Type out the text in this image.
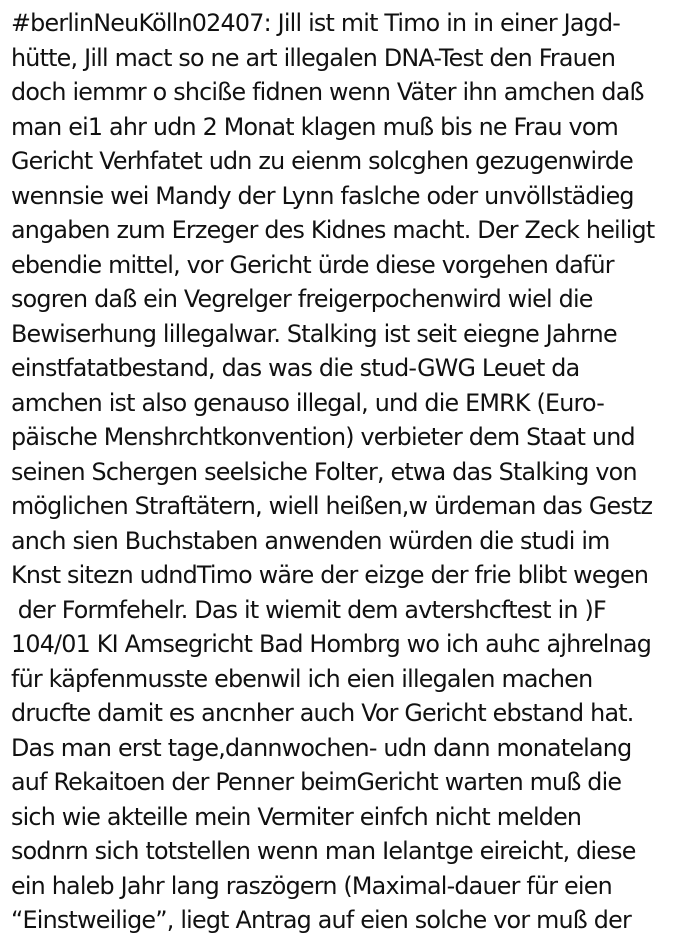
#berlinNeuKölln02407: Jill ist mit Timo in in einer Jagd-
hütte, Jill mact so ne art illegalen DNA-Test den Frauen
doch iemmr o shciße fidnen wenn Väter ihn amchen daß
man ei1 ahr udn 2 Monat klagen muß bis ne Frau vom
Gericht Verhfatet udn zu eienm solcghen gezugenwirde
wennsie wei Mandy der Lynn faslche oder unvöllstädieg
angaben zum Erzeger des Kidnes macht. Der Zeck heiligt
ebendie mittel, vor Gericht ürde diese vorgehen dafür
sogren daß ein Vegrelger freigerpochenwird wiel die
Bewiserhung lillegalwar. Stalking ist seit eiegne Jahrne
einstfatatbestand, das was die stud-GWG Leuet da
amchen ist also genauso illegal, und die EMRK (Euro-
päische Menshrchtkonvention) verbieter dem Staat und
seinen Schergen seelsiche Folter, etwa das Stalking von
möglichen Straftätern, wiell heißen,w ürdeman das Gestz
anch sien Buchstaben anwenden würden die studi im
Knst sitezn udndTimo wäre der eizge der frie blibt wegen
der Formfehelr. Das it wiemit dem avtershcftest in )F
104/01 KI Amsegricht Bad Hombrg wo ich auhc ajhrelnag
für käpfenmusste ebenwil ich eien illegalen machen
drucfte damit es ancnher auch Vor Gericht ebstand hat.
Das man erst tage,dannwochen- udn dann monatelang
auf Rekaitoen der Penner beimGericht warten muß die
sich wie akteille mein Vermiter einfch nicht melden
sodnrn sich totstellen wenn man Ielantge eireicht, diese
ein haleb Jahr lang raszögern (Maximal-dauer für eien
“Einstweilige”, liegt Antrag auf eien solche vor muß der
